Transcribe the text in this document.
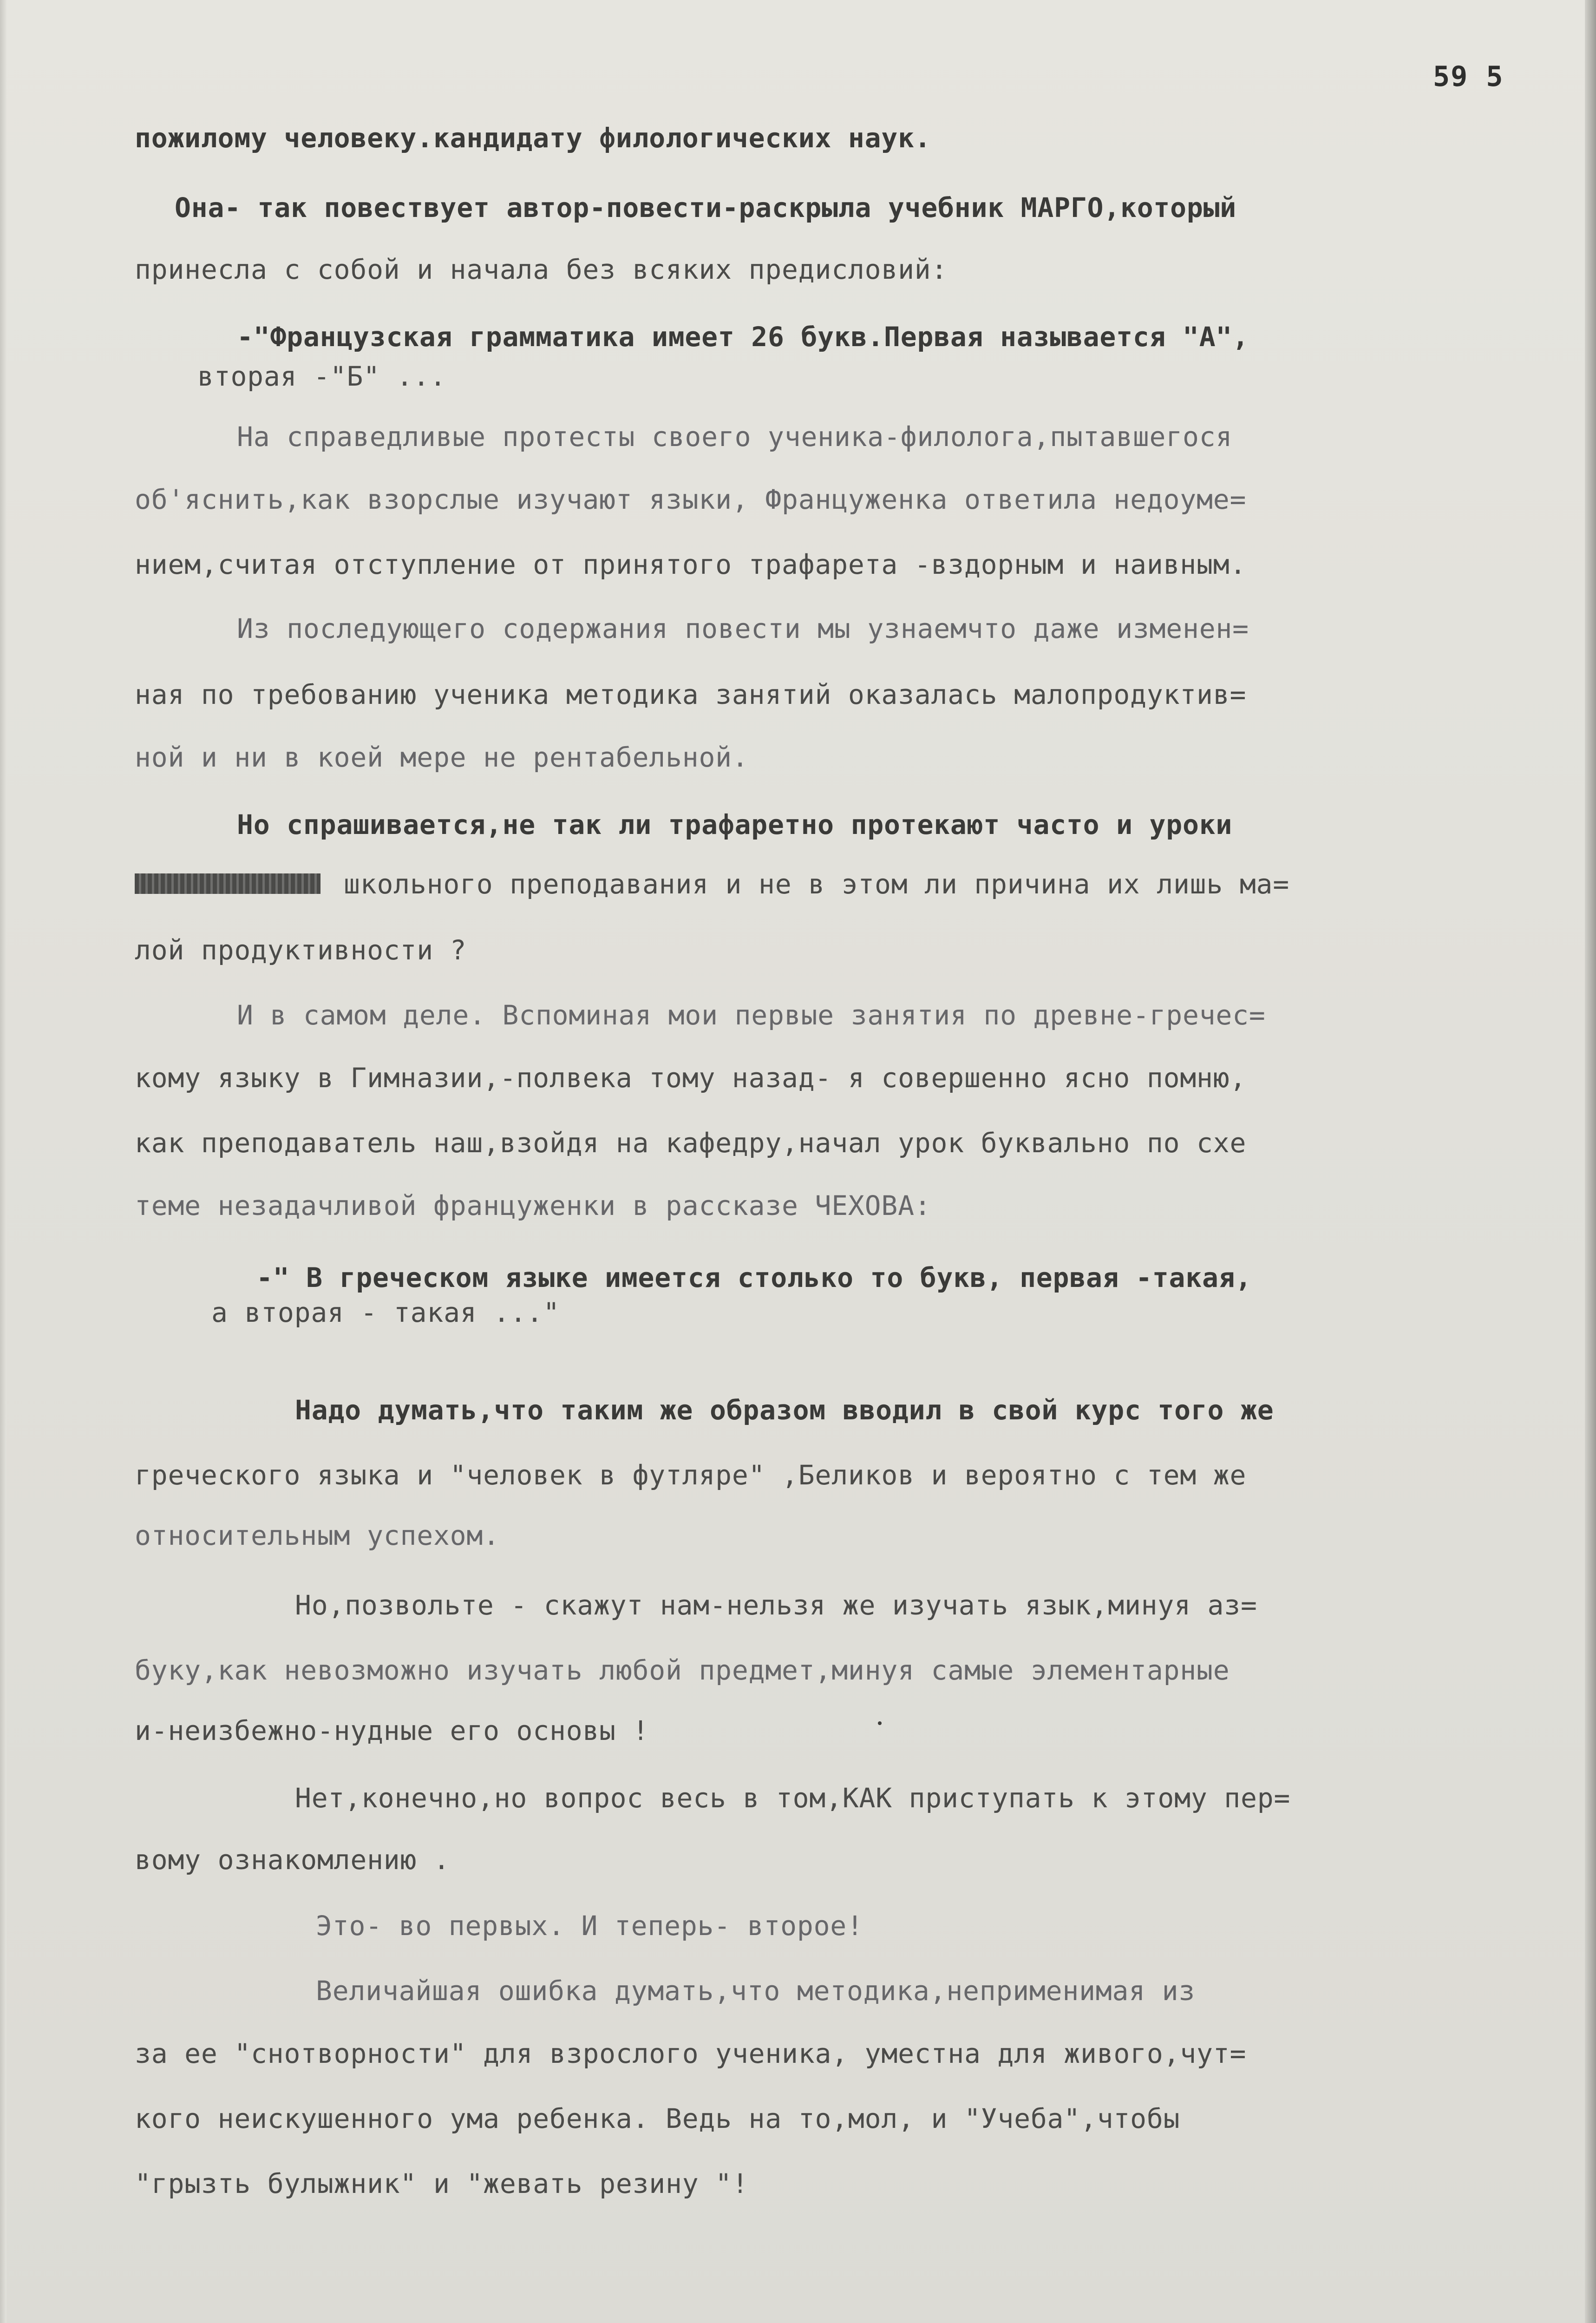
59 5
пожилому человеку.кандидату филологических наук.
Она- так повествует автор-повести-раскрыла учебник МАРГО,который
принесла с собой и начала без всяких предисловий:
-"Французская грамматика имеет 26 букв.Первая называется "А",
вторая -"Б" ...
На справедливые протесты своего ученика-филолога,пытавшегося
об'яснить,как взорслые изучают языки, Француженка ответила недоуме=
нием,считая отступление от принятого трафарета -вздорным и наивным.
Из последующего содержания повести мы узнаемчто даже изменен=
ная по требованию ученика методика занятий оказалась малопродуктив=
ной и ни в коей мере не рентабельной.
Но спрашивается,не так ли трафаретно протекают часто и уроки
школьного преподавания и не в этом ли причина их лишь ма=
лой продуктивности ?
И в самом деле. Вспоминая мои первые занятия по древне-гречес=
кому языку в Гимназии,-полвека тому назад- я совершенно ясно помню,
как преподаватель наш,взойдя на кафедру,начал урок буквально по схе
теме незадачливой француженки в рассказе ЧЕХОВА:
-" В греческом языке имеется столько то букв, первая -такая,
а вторая - такая ..."
Надо думать,что таким же образом вводил в свой курс того же
греческого языка и "человек в футляре" ,Беликов и вероятно с тем же
относительным успехом.
Но,позвольте - скажут нам-нельзя же изучать язык,минуя аз=
буку,как невозможно изучать любой предмет,минуя самые элементарные
и-неизбежно-нудные его основы !
Нет,конечно,но вопрос весь в том,КАК приступать к этому пер=
вому ознакомлению .
Это- во первых. И теперь- второе!
Величайшая ошибка думать,что методика,неприменимая из
за ее "снотворности" для взрослого ученика, уместна для живого,чут=
кого неискушенного ума ребенка. Ведь на то,мол, и "Учеба",чтобы
"грызть булыжник" и "жевать резину "!
